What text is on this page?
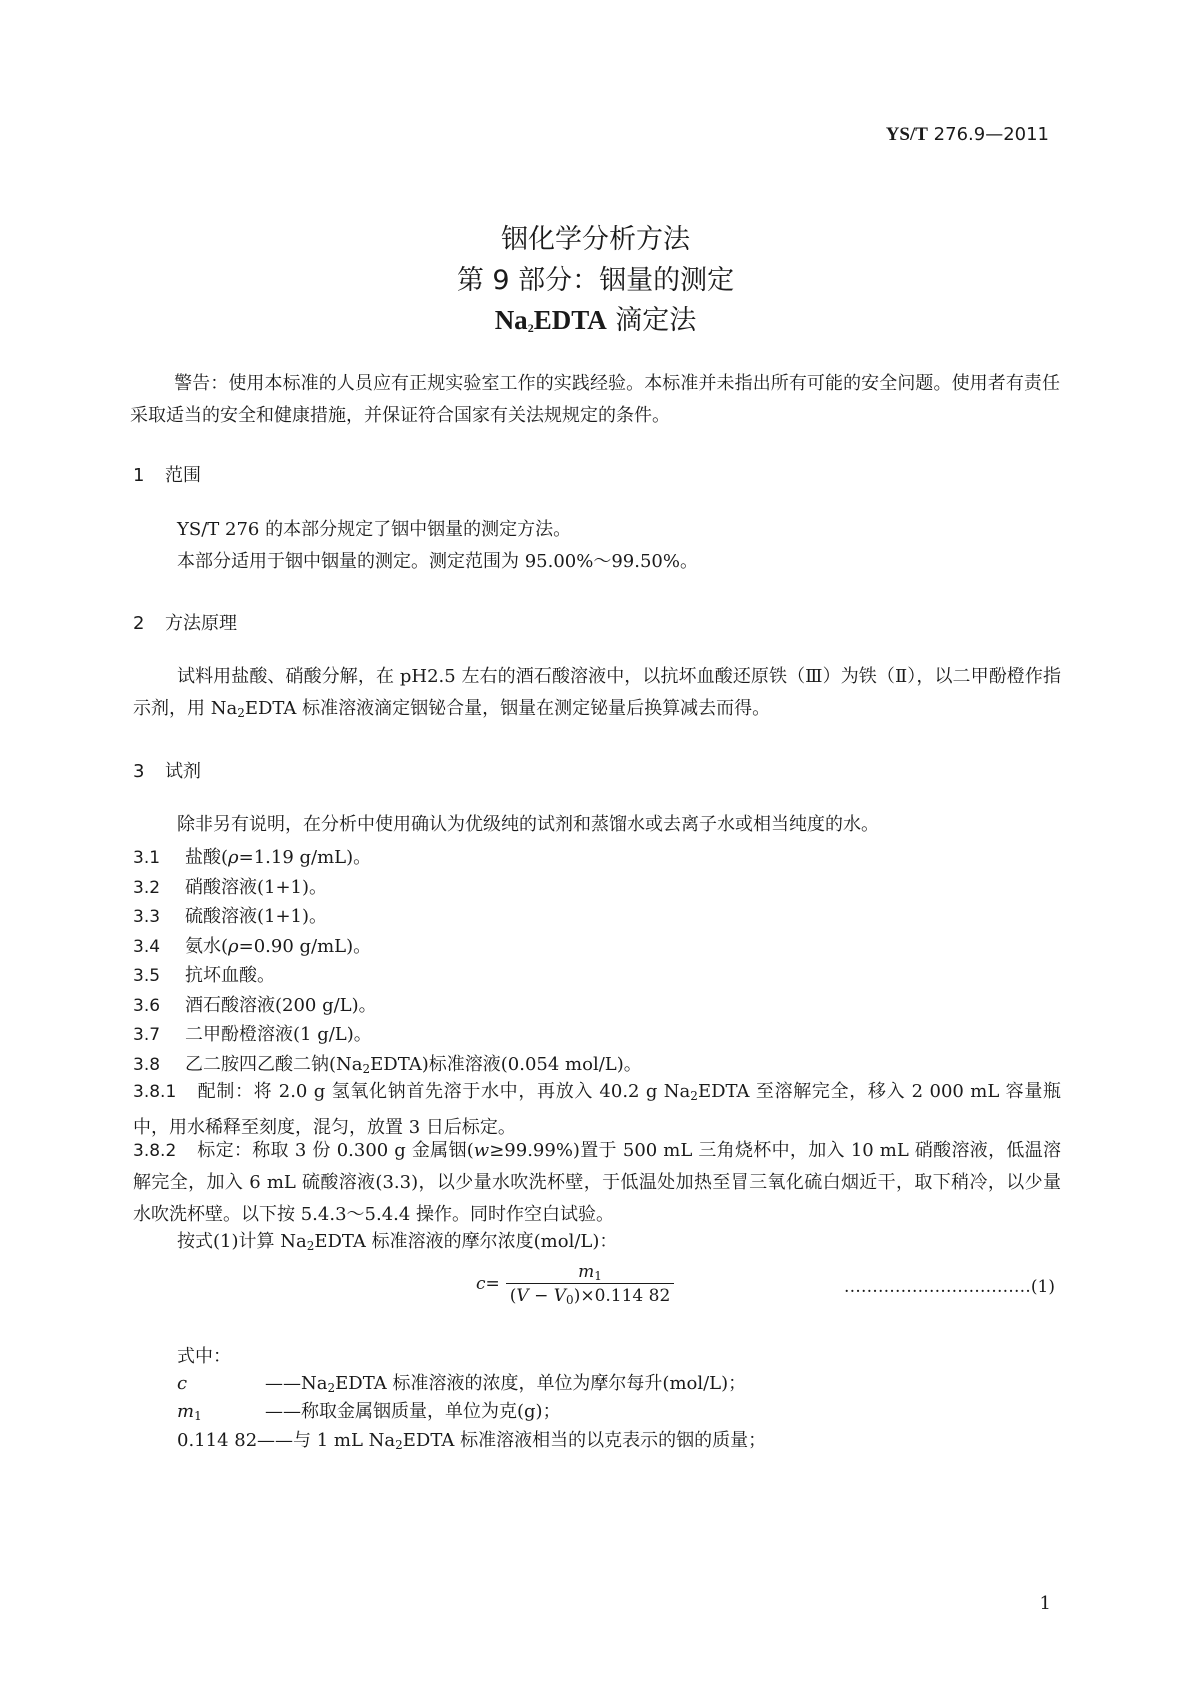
YS/T 276.9—2011
铟化学分析方法
第 9 部分：铟量的测定
$Na_2EDTA$ 滴定法
警告：使用本标准的人员应有正规实验室工作的实践经验。本标准并未指出所有可能的安全问题。使用者有责任采取适当的安全和健康措施，并保证符合国家有关法规规定的条件。
1 范围
YS/T 276 的本部分规定了铟中铟量的测定方法。
本部分适用于铟中铟量的测定。测定范围为 95.00%～99.50%。
2 方法原理
试料用盐酸、硝酸分解，在 pH2.5 左右的酒石酸溶液中，以抗坏血酸还原铁（Ⅲ）为铁（Ⅱ），以二甲酚橙作指示剂，用 $Na_2EDTA$ 标准溶液滴定铟铋合量，铟量在测定铋量后换算减去而得。
3 试剂
除非另有说明，在分析中使用确认为优级纯的试剂和蒸馏水或去离子水或相当纯度的水。
3.1 盐酸(ρ=1.19 g/mL)。
3.2 硝酸溶液(1+1)。
3.3 硫酸溶液(1+1)。
3.4 氨水(ρ=0.90 g/mL)。
3.5 抗坏血酸。
3.6 酒石酸溶液(200 g/L)。
3.7 二甲酚橙溶液(1 g/L)。
3.8 乙二胺四乙酸二钠$(Na_2EDTA)$标准溶液(0.054 mol/L)。
3.8.1 配制：将 2.0 g 氢氧化钠首先溶于水中，再放入 40.2 g $Na_2EDTA$ 至溶解完全，移入 2 000 mL 容量瓶中，用水稀释至刻度，混匀，放置 3 日后标定。
3.8.2 标定：称取 3 份 0.300 g 金属铟(w≥99.99%)置于 500 mL 三角烧杯中，加入 10 mL 硝酸溶液，低温溶解完全，加入 6 mL 硫酸溶液(3.3)，以少量水吹洗杯壁，于低温处加热至冒三氧化硫白烟近干，取下稍冷，以少量水吹洗杯壁。以下按 5.4.3～5.4.4 操作。同时作空白试验。
按式(1)计算 $Na_2EDTA$ 标准溶液的摩尔浓度(mol/L)：
$c= \frac{m_1}{(V - V_0)\times 0.114 82}$	……………………………(1)
式中：
c	$——Na_2EDTA$ 标准溶液的浓度，单位为摩尔每升(mol/L)；
$m_1$	——称取金属铟质量，单位为克(g)；
0.114 82——与 1 mL $Na_2EDTA$ 标准溶液相当的以克表示的铟的质量；
1
